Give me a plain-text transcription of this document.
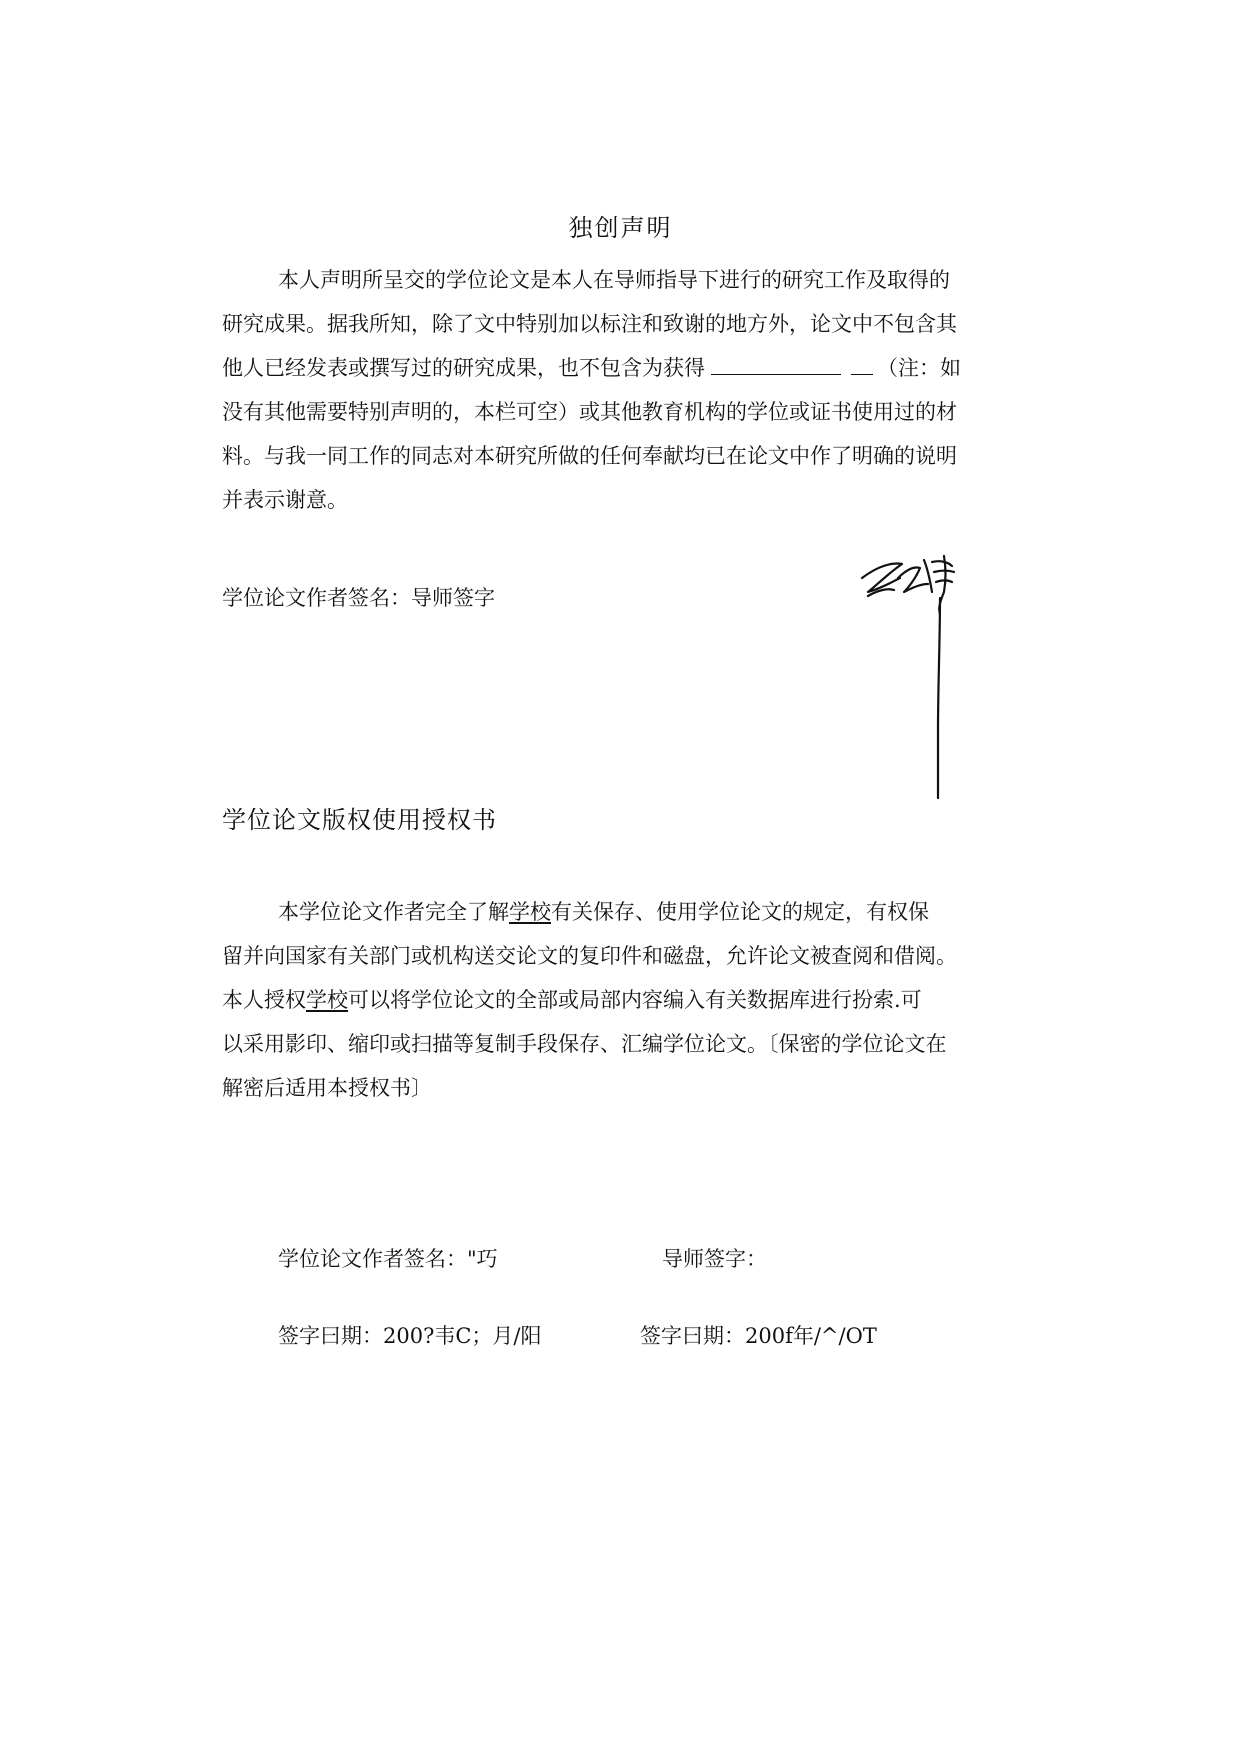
独创声明
本人声明所呈交的学位论文是本人在导师指导下进行的研究工作及取得的
研究成果。据我所知，除了文中特别加以标注和致谢的地方外，论文中不包含其
他人已经发表或撰写过的研究成果，也不包含为获得	（注：如
没有其他需要特别声明的，本栏可空）或其他教育机构的学位或证书使用过的材
料。与我一同工作的同志对本研究所做的任何奉献均已在论文中作了明确的说明
并表示谢意。
学位论文作者签名：导师签字
学位论文版权使用授权书
本学位论文作者完全了解学校有关保存、使用学位论文的规定，有权保
留并向国家有关部门或机构送交论文的复印件和磁盘，允许论文被查阅和借阅。
本人授权学校可以将学位论文的全部或局部内容编入有关数据库进行扮索.可
以采用影印、缩印或扫描等复制手段保存、汇编学位论文。〔保密的学位论文在
解密后适用本授权书〕
学位论文作者签名："巧	导师签字：
签字曰期：200?韦C；月/阳	签字曰期：200f年/^/OT
